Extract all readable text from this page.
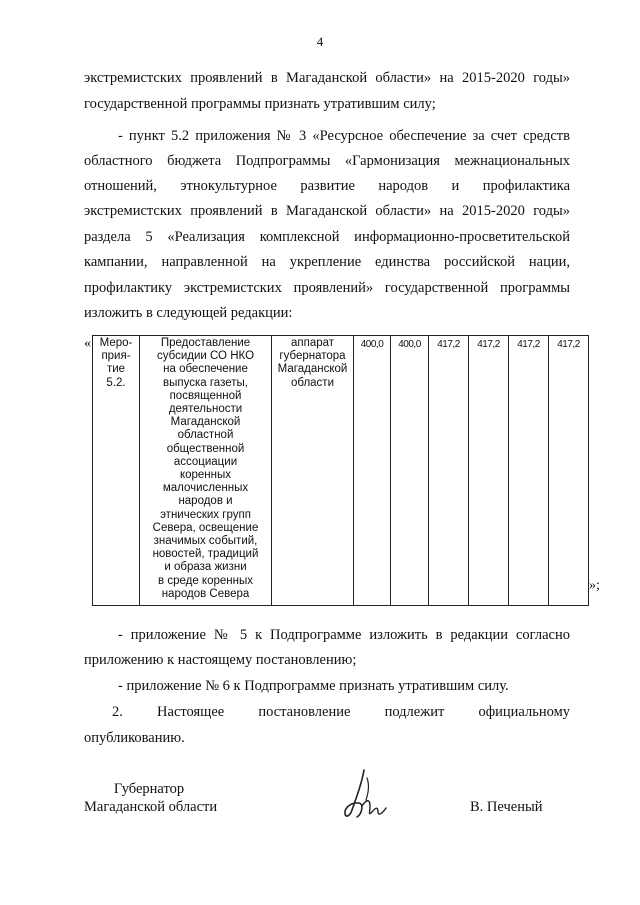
4
экстремистских проявлений в Магаданской области» на 2015-2020 годы»
государственной программы признать утратившим силу;
- пункт 5.2 приложения № 3 «Ресурсное обеспечение за счет средств
областного бюджета Подпрограммы «Гармонизация межнациональных
отношений, этнокультурное развитие народов и профилактика
экстремистских проявлений в Магаданской области» на 2015-2020 годы»
раздела 5 «Реализация комплексной информационно-просветительской
кампании, направленной на укрепление единства российской нации,
профилактику экстремистских проявлений» государственной программы
изложить в следующей редакции:
« Меро-
прия-
тие
5.2.

Предоставление
субсидии СО НКО
на обеспечение
выпуска газеты,
посвященной
деятельности
Магаданской
областной
общественной
ассоциации
коренных
малочисленных
народов и
этнических групп
Севера, освещение
значимых событий,
новостей, традиций
и образа жизни
в среде коренных
народов Севера

аппарат
губернатора
Магаданской
области
	400,0	400,0	417,2	417,2	417,2	417,2
»;
- приложение № 5 к Подпрограмме изложить в редакции согласно
приложению к настоящему постановлению;
- приложение № 6 к Подпрограмме признать утратившим силу.
2. Настоящее постановление подлежит официальному
опубликованию.
Губернатор
Магаданской области	В. Печеный
